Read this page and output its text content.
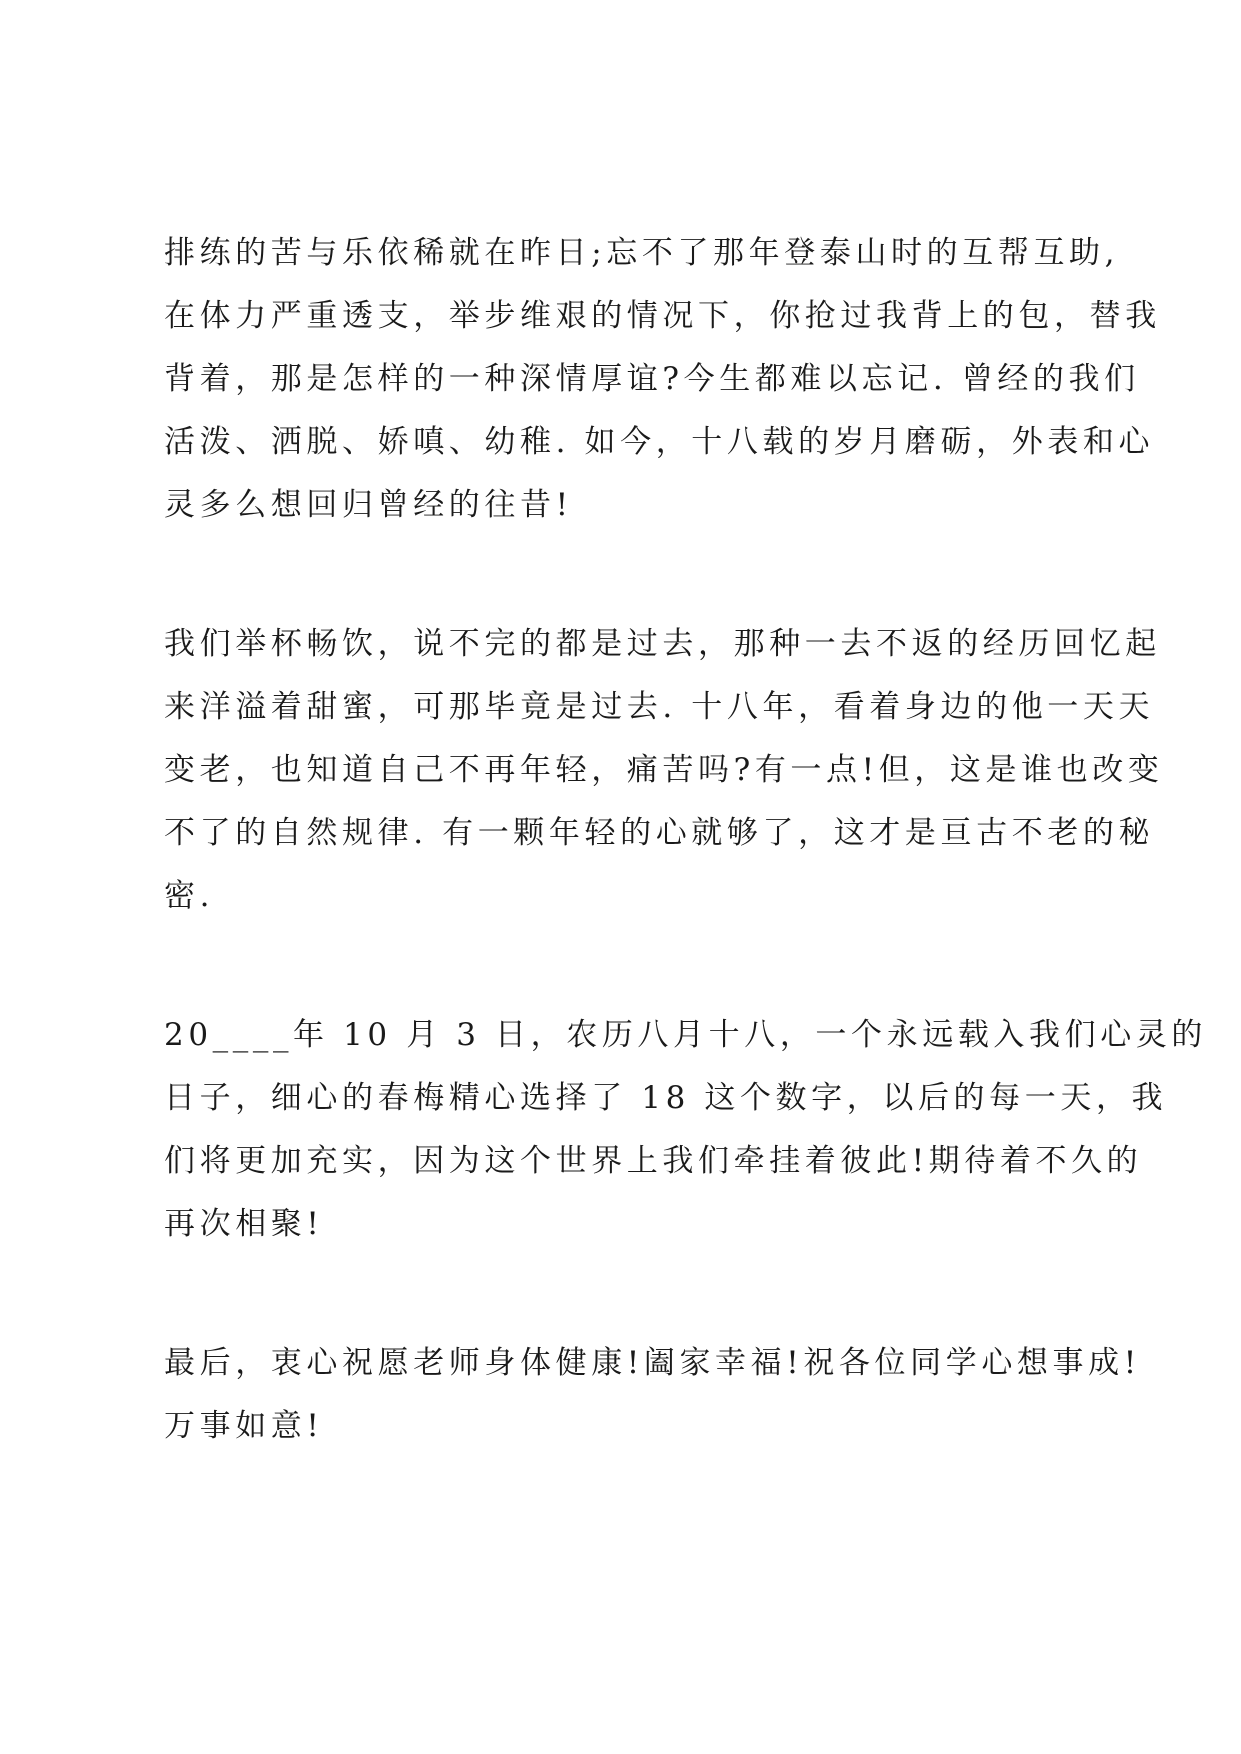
排练的苦与乐依稀就在昨日;忘不了那年登泰山时的互帮互助,
在体力严重透支，举步维艰的情况下，你抢过我背上的包，替我
背着，那是怎样的一种深情厚谊?今生都难以忘记. 曾经的我们
活泼、洒脱、娇嗔、幼稚. 如今，十八载的岁月磨砺，外表和心
灵多么想回归曾经的往昔!
我们举杯畅饮，说不完的都是过去，那种一去不返的经历回忆起
来洋溢着甜蜜，可那毕竟是过去. 十八年，看着身边的他一天天
变老，也知道自己不再年轻，痛苦吗?有一点!但，这是谁也改变
不了的自然规律. 有一颗年轻的心就够了，这才是亘古不老的秘
密.
20____年 10 月 3 日，农历八月十八，一个永远载入我们心灵的
日子，细心的春梅精心选择了 18 这个数字，以后的每一天，我
们将更加充实，因为这个世界上我们牵挂着彼此!期待着不久的
再次相聚!
最后，衷心祝愿老师身体健康!阖家幸福!祝各位同学心想事成!
万事如意!
